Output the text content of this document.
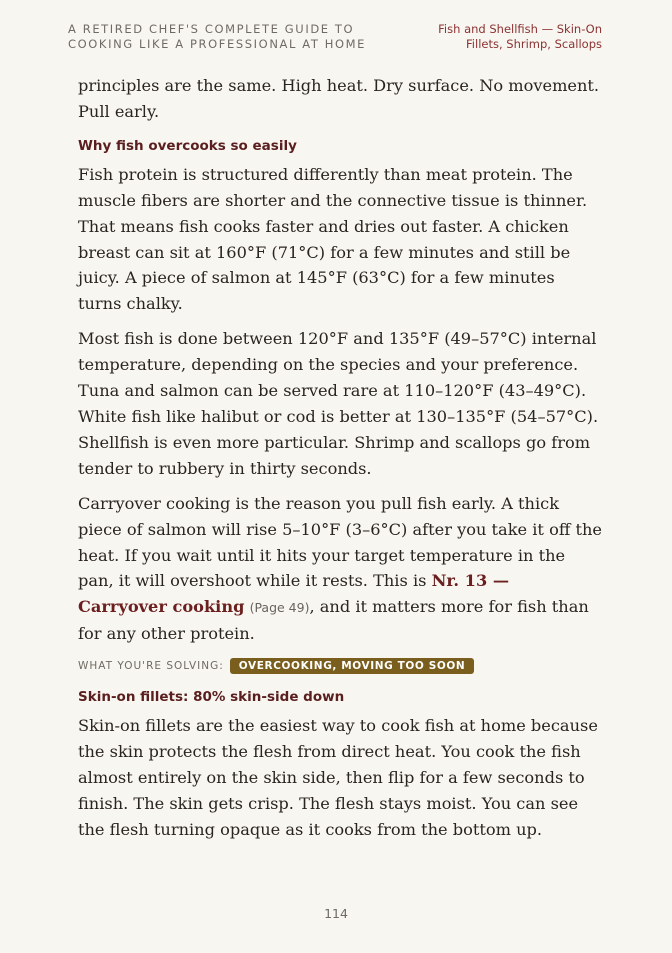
A RETIRED CHEF'S COMPLETE GUIDE TO
COOKING LIKE A PROFESSIONAL AT HOME
Fish and Shellfish — Skin-On
Fillets, Shrimp, Scallops

principles are the same. High heat. Dry surface. No movement. Pull early.

Why fish overcooks so easily

Fish protein is structured differently than meat protein. The muscle fibers are shorter and the connective tissue is thinner. That means fish cooks faster and dries out faster. A chicken breast can sit at 160°F (71°C) for a few minutes and still be juicy. A piece of salmon at 145°F (63°C) for a few minutes turns chalky.

Most fish is done between 120°F and 135°F (49–57°C) internal temperature, depending on the species and your preference. Tuna and salmon can be served rare at 110–120°F (43–49°C). White fish like halibut or cod is better at 130–135°F (54–57°C). Shellfish is even more particular. Shrimp and scallops go from tender to rubbery in thirty seconds.

Carryover cooking is the reason you pull fish early. A thick piece of salmon will rise 5–10°F (3–6°C) after you take it off the heat. If you wait until it hits your target temperature in the pan, it will overshoot while it rests. This is Nr. 13 — Carryover cooking (Page 49), and it matters more for fish than for any other protein.

WHAT YOU'RE SOLVING:	OVERCOOKING, MOVING TOO SOON
Skin-on fillets: 80% skin-side down

Skin-on fillets are the easiest way to cook fish at home because the skin protects the flesh from direct heat. You cook the fish almost entirely on the skin side, then flip for a few seconds to finish. The skin gets crisp. The flesh stays moist. You can see the flesh turning opaque as it cooks from the bottom up.

114
